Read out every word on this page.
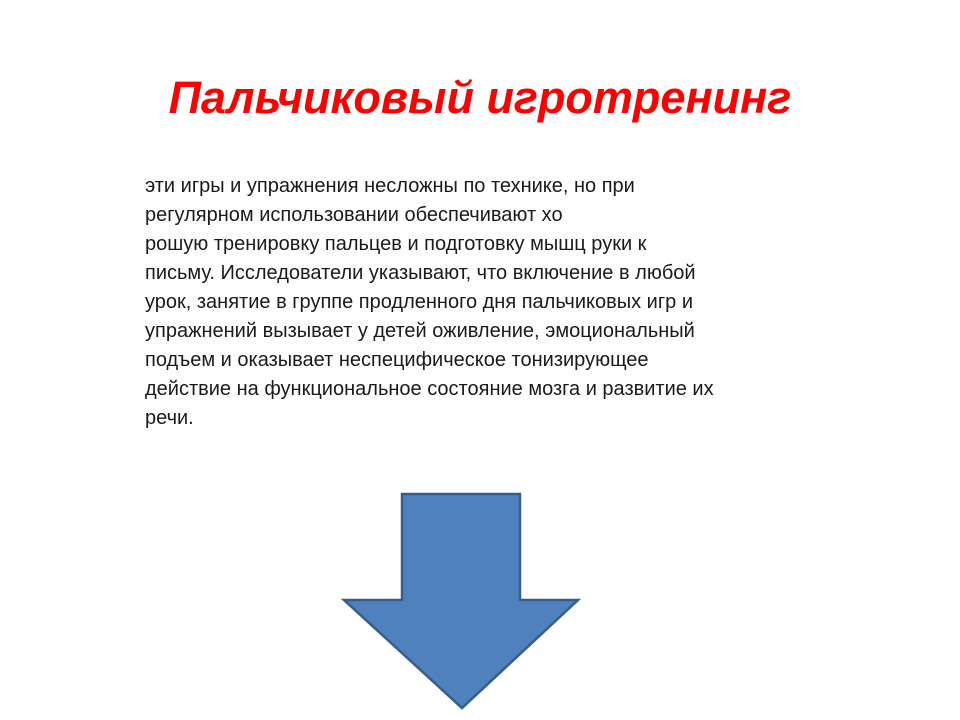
Пальчиковый игротренинг
эти игры и упражнения несложны по технике, но при
регулярном использовании обеспечивают хо
рошую тренировку пальцев и подготовку мышц руки к
письму. Исследователи указывают, что включение в любой
урок, занятие в группе продленного дня пальчиковых игр и
упражнений вызывает у детей оживление, эмоциональный
подъем и оказывает неспецифическое тонизирующее
действие на функциональное состояние мозга и развитие их
речи.
